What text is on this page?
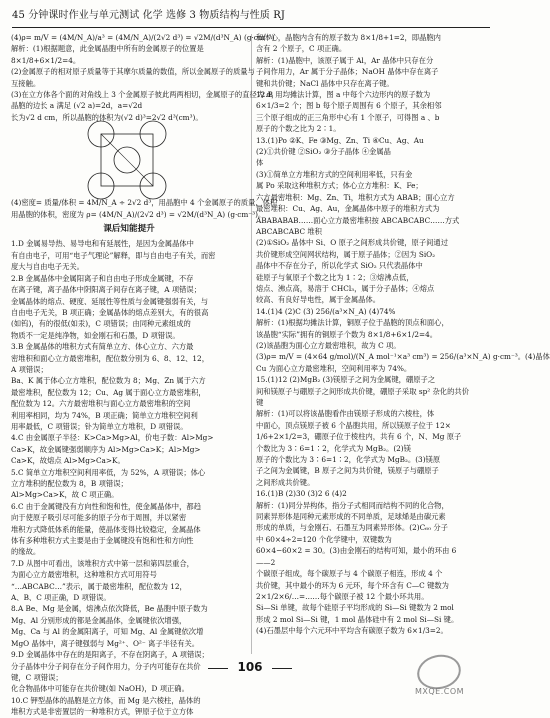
45 分钟课时作业与单元测试 化学 选修 3 物质结构与性质 RJ
(4)ρ= m/V = (4M/N_A)/a³ = (4M/N_A)/(2√2 d³) = √2M/(d³N_A) (g·cm⁻³)
解析：(1)根据题意，此金属晶胞中所有的金属原子的位置是
8×1/8+6×1/2=4。
(2)金属原子的相对原子质量等于其摩尔质量的数值，所以金属原子的质量与
互接触。
(3)在立方体各个面的对角线上 3 个金属原子彼此两两相切，金属原子的直径为 d，
晶胞的边长 a 满足 (√2 a)=2d，a=√2d
长为√2 d cm，所以晶胞的体积为(√2 d)³=2√2 d³(cm³)。
(4)密度= 质量/体积 = 4M/N_A ÷ 2√2 d³，用晶胞中 4 个金属原子的质量，体积
用晶胞的体积，密度为 ρ= (4M/N_A)/(2√2 d³) = √2M/(d³N_A) (g·cm⁻³)。
课后知能提升
1.D 金属易导热、易导电和有延展性，是因为金属晶体中
有自由电子，可用“电子气理论”解释，即与自由电子有关，而密
度大与自由电子无关。
2.B 金属晶体中金属阳离子和自由电子形成金属键，不存
在离子键，离子晶体中阴阳离子间存在离子键，A 项错误；
金属晶体的熔点、硬度、延展性等性质与金属键强弱有关，与
自由电子无关，B 项正确；金属晶体的熔点差别大，有的很高
(如钨)，有的很低(如汞)，C 项错误；由同种元素组成的
物质不一定是纯净物，如金刚石和石墨，D 项错误。
3.B 金属晶体的堆积方式有简单立方、体心立方、六方最
密堆积和面心立方最密堆积，配位数分别为 6、8、12、12，
A 项错误；
Ba、K 属于体心立方堆积，配位数为 8；Mg、Zn 属于六方
最密堆积，配位数为 12；Cu、Ag 属于面心立方最密堆积，
配位数为 12。六方最密堆积与面心立方最密堆积的空间
利用率相同，均为 74%，B 项正确；简单立方堆积空间利
用率最低，C 项错误；钋为简单立方堆积，D 项错误。
4.C 由金属原子半径：K>Ca>Mg>Al，价电子数：Al>Mg>
Ca>K，故金属键强弱顺序为 Al>Mg>Ca>K；Al>Mg>
Ca>K，故熔点 Al>Mg>Ca>K。
5.C 简单立方堆积空间利用率低，为 52%，A 项错误；体心
立方堆积的配位数为 8，B 项错误；
Al>Mg>Ca>K，故 C 项正确。
6.C 由于金属键没有方向性和饱和性，使金属晶体中，都趋
向于使原子吸引尽可能多的原子分布于周围，并以紧密
堆积方式降低体系的能量，使晶体变得比较稳定，金属晶体
体有多种堆积方式主要是由于金属键没有饱和性和方向性
的缘故。
7.D 从图中可看出，该堆积方式中第一层和第四层重合，
为面心立方最密堆积，这种堆积方式可用符号
“…ABCABC…”表示，属于最密堆积，配位数为 12，
A、B、C 项正确，D 项错误。
8.A Be、Mg 是金属，熔沸点依次降低，Be 晶胞中原子数为
Mg、Al 分别形成的都是金属晶体，金属键依次增强，
Mg、Ca 与 Al 的金属阳离子，可知 Mg、Al 金属键依次增
MgO 晶体中，离子键强弱与 Mg²⁺、O²⁻ 离子半径有关。
9.D 金属晶体中存在的是阳离子，不存在阴离子，A 项错误；
分子晶体中分子间存在分子间作用力，分子内可能存在共价
键，C 项错误；
化合物晶体中可能存在共价键(如 NaOH)，D 项正确。
10.C 钾型晶体的晶胞是立方体，而 Mg 是六棱柱，晶体的
堆积方式是非密置层的一种堆积方式，钾原子位于立方体
和体心，晶胞内含有的原子数为 8×1/8+1=2，即晶胞内
含有 2 个原子，C 项正确。
解析：(1)晶胞中，该原子属于 Al，Ar 晶体中只存在分
子间作用力，Ar 属于分子晶体；NaOH 晶体中存在离子
键和共价键；NaCl 晶体中只存在离子键。
12.B 用均摊法计算，图 a 中每个六边形内的原子数为
6×1/3=2 个；图 b 每个原子周围有 6 个原子，其余相邻
三个原子组成的正三角形中心有 1 个原子，可得图 a 、b
原子的个数之比为 2∶1。
13.(1)Po ②K、Fe ③Mg、Zn、Ti ④Cu、Ag、Au
(2)①共价键 ②SiO₂ ③分子晶体 ④金属晶
体
(3)①简单立方堆积方式的空间利用率低，只有金
属 Po 采取这种堆积方式；体心立方堆积：K、Fe；
六方最密堆积：Mg、Zn、Ti，堆积方式为 ABAB；面心立方
最密堆积：Cu、Ag、Au，金属晶体中原子的堆积方式为
ABABABAB……面心立方最密堆积按 ABCABCABC……方式
ABCABCABC 堆积
(2)①SiO₂ 晶体中 Si、O 原子之间形成共价键，原子间通过
共价键形成空间网状结构，属于原子晶体；②因为 SiO₂
晶体中不存在分子，所以化学式 SiO₂ 只代表晶体中
硅原子与氧原子个数之比为 1∶2；③熔沸点低，
熔点、沸点高，易溶于 CHCl₃，属于分子晶体；④熔点
较高、有良好导电性，属于金属晶体。
14.(1)4 (2)C (3) 256/(a³×N_A) (4)74%
解析：(1)根据均摊法计算，铜原子位于晶胞的顶点和面心，
该晶胞“实际”拥有的铜原子个数为 8×1/8+6×1/2=4。
(2)该晶胞为面心立方最密堆积，故为 C 项。
(3)ρ= m/V = (4×64 g/mol)/(N_A mol⁻¹×a³ cm³) = 256/(a³×N_A) g·cm⁻³。(4)晶体
Cu 为面心立方最密堆积，空间利用率为 74%。
15.(1)12 (2)MgB₂ (3)镁原子之间为金属键，硼原子之
间和镁原子与硼原子之间形成共价键，硼原子采取 sp² 杂化的共价
键
解析：(1)可以将该晶胞看作由镁原子形成的六棱柱，体
中面心，顶点镁原子被 6 个晶胞共用，所以镁原子位于 12×
1/6+2×1/2=3，硼原子位于棱柱内，共有 6 个，N、Mg 原子
个数比为 3∶6=1∶2，化学式为 MgB₂。(2)镁
原子的个数比为 3∶6=1∶2，化学式为 MgB₂。(3)镁原
子之间为金属键，B 原子之间为共价键，镁原子与硼原子
之间形成共价键。
16.(1)B (2)30 (3)2 6 (4)2
解析：(1)同分异构体，指分子式相同而结构不同的化合物，
同素异形体是同种元素形成的不同单质，足球烯是由碳元素
形成的单质，与金刚石、石墨互为同素异形体。(2)C₆₀ 分子
中 60×4÷2=120 个化学键中，双键数为
60×4−60×2 = 30。(3)由金刚石的结构可知，最小的环由 6
——2
个碳原子组成，每个碳原子与 4 个碳原子相连，形成 4 个
共价键，其中最小的环为 6 元环，每个环含有 C—C 键数为
2×1/2×6/…=……每个碳原子被 12 个最小环共用。
Si—Si 单键，故每个硅原子平均形成的 Si—Si 键数为 2 mol
形成 2 mol Si—Si 键，1 mol 晶体硅中有 2 mol Si—Si 键。
(4)石墨层中每个六元环中平均含有碳原子数为 6×1/3=2。
106
MXQE.COM
